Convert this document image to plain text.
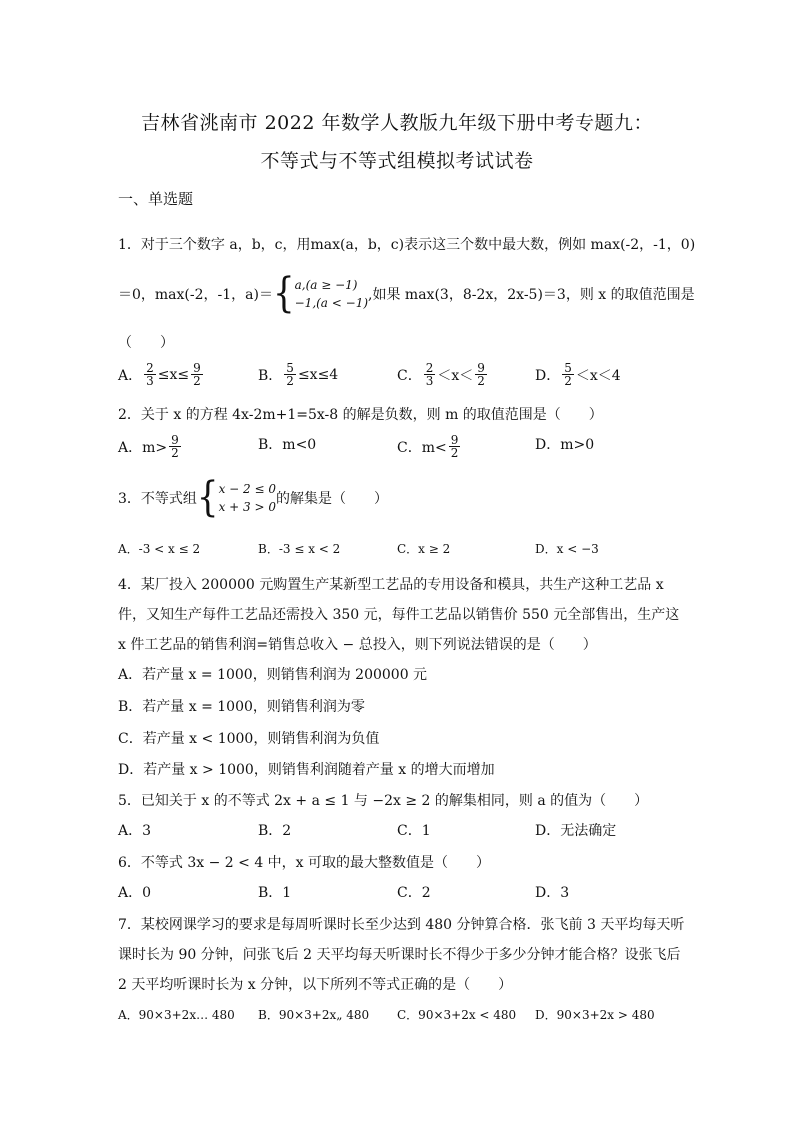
吉林省洮南市 2022 年数学人教版九年级下册中考专题九：
不等式与不等式组模拟考试试卷
一、单选题
1．对于三个数字 a，b，c，用max(a，b，c)表示这三个数中最大数，例如 max(-2，-1，0)
＝0，max(-2，-1，a)＝ { a,(a ≥ −1)
−1,(a < −1) ,如果 max(3，8-2x，2x-5)＝3，则 x 的取值范围是
（　　）
A． $\frac{2}{3} \le x\le \frac{9}{2}$	B． $\frac{5}{2} \le x\le 4$	C． $\frac{2}{3} <x< \frac{9}{2}$	D． $\frac{5}{2} <x<4$
2．关于 x 的方程 4x-2m+1=5x-8 的解是负数，则 m 的取值范围是（　　）
A．$m> \frac{9}{2}$	B．m<0	C．$m< \frac{9}{2}$	D．m>0
3．不等式组 { x − 2 ≤ 0
x + 3 > 0 的解集是（　　）
A．-3 < x ≤ 2	B．-3 ≤ x < 2	C．x ≥ 2	D．x < −3
4．某厂投入 200000 元购置生产某新型工艺品的专用设备和模具，共生产这种工艺品 x
件，又知生产每件工艺品还需投入 350 元，每件工艺品以销售价 550 元全部售出，生产这
x 件工艺品的销售利润=销售总收入 − 总投入，则下列说法错误的是（　　）
A．若产量 x = 1000，则销售利润为 200000 元
B．若产量 x = 1000，则销售利润为零
C．若产量 x < 1000，则销售利润为负值
D．若产量 x > 1000，则销售利润随着产量 x 的增大而增加
5．已知关于 x 的不等式 2x + a ≤ 1 与 −2x ≥ 2 的解集相同，则 a 的值为（　　）
A．3	B．2	C．1	D．无法确定
6．不等式 3x − 2 < 4 中，x 可取的最大整数值是（　　）
A．0	B．1	C．2	D．3
7．某校网课学习的要求是每周听课时长至少达到 480 分钟算合格．张飞前 3 天平均每天听
课时长为 90 分钟，问张飞后 2 天平均每天听课时长不得少于多少分钟才能合格？设张飞后
2 天平均听课时长为 x 分钟，以下所列不等式正确的是（　　）
A．90×3+2x… 480 B．90×3+2x„ 480 C．90×3+2x < 480 D．90×3+2x > 480
